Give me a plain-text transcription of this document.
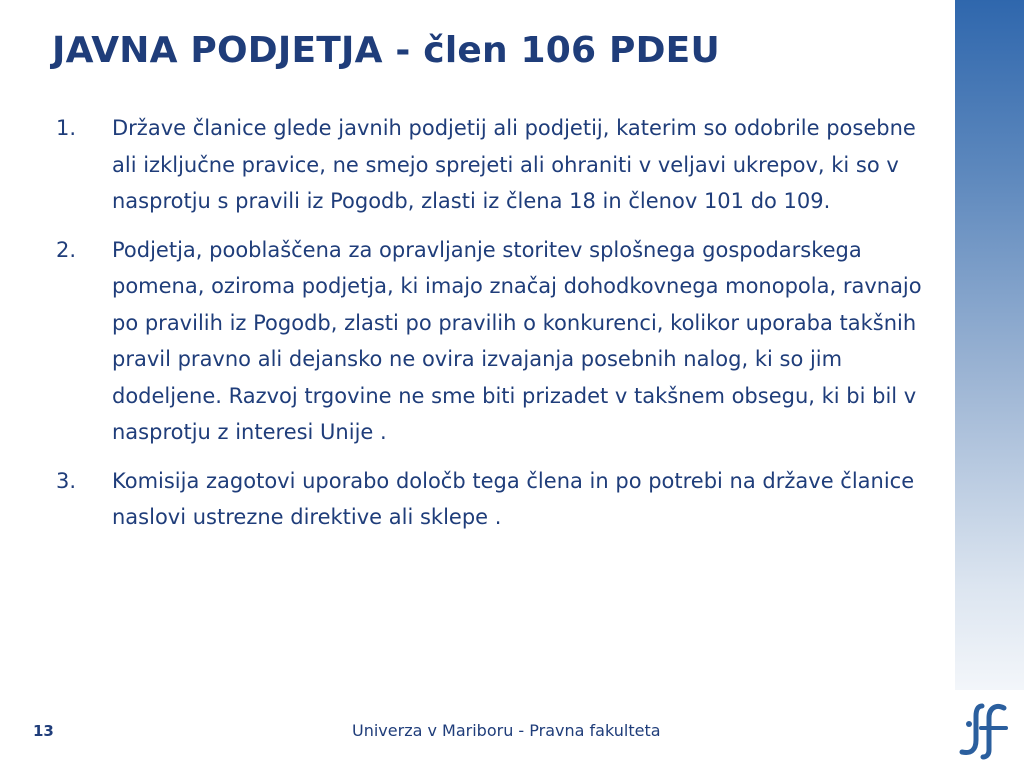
JAVNA PODJETJA - člen 106 PDEU
1.	Države članice glede javnih podjetij ali podjetij, katerim so odobrile posebne ali izključne pravice, ne smejo sprejeti ali ohraniti v veljavi ukrepov, ki so v nasprotju s pravili iz Pogodb, zlasti iz člena 18 in členov 101 do 109.
2.	Podjetja, pooblaščena za opravljanje storitev splošnega gospodarskega pomena, oziroma podjetja, ki imajo značaj dohodkovnega monopola, ravnajo po pravilih iz Pogodb, zlasti po pravilih o konkurenci, kolikor uporaba takšnih pravil pravno ali dejansko ne ovira izvajanja posebnih nalog, ki so jim dodeljene. Razvoj trgovine ne sme biti prizadet v takšnem obsegu, ki bi bil v nasprotju z interesi Unije .
3.	Komisija zagotovi uporabo določb tega člena in po potrebi na države članice naslovi ustrezne direktive ali sklepe .
13	Univerza v Mariboru - Pravna fakulteta
